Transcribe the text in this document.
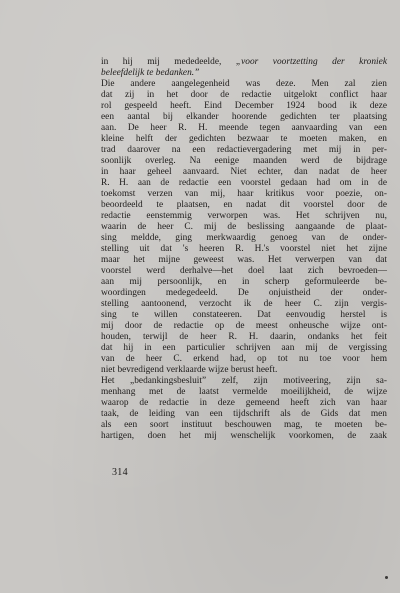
in hij mij mededeelde, „voor voortzetting der kroniek
beleefdelijk te bedanken.”
Die andere aangelegenheid was deze. Men zal zien
dat zij in het door de redactie uitgelokt conflict haar
rol gespeeld heeft. Eind December 1924 bood ik deze
een aantal bij elkander hoorende gedichten ter plaatsing
aan. De heer R. H. meende tegen aanvaarding van een
kleine helft der gedichten bezwaar te moeten maken, en
trad daarover na een redactievergadering met mij in per-
soonlijk overleg. Na eenige maanden werd de bijdrage
in haar geheel aanvaard. Niet echter, dan nadat de heer
R. H. aan de redactie een voorstel gedaan had om in de
toekomst verzen van mij, haar kritikus voor poezie, on-
beoordeeld te plaatsen, en nadat dit voorstel door de
redactie eenstemmig verworpen was. Het schrijven nu,
waarin de heer C. mij de beslissing aangaande de plaat-
sing meldde, ging merkwaardig genoeg van de onder-
stelling uit dat 's heeren R. H.'s voorstel niet het zijne
maar het mijne geweest was. Het verwerpen van dat
voorstel werd derhalve—het doel laat zich bevroeden—
aan mij persoonlijk, en in scherp geformuleerde be-
woordingen medegedeeld. De onjuistheid der onder-
stelling aantoonend, verzocht ik de heer C. zijn vergis-
sing te willen constateeren. Dat eenvoudig herstel is
mij door de redactie op de meest onheusche wijze ont-
houden, terwijl de heer R. H. daarin, ondanks het feit
dat hij in een particulier schrijven aan mij de vergissing
van de heer C. erkend had, op tot nu toe voor hem
niet bevredigend verklaarde wijze berust heeft.
Het „bedankingsbesluit” zelf, zijn motiveering, zijn sa-
menhang met de laatst vermelde moeilijkheid, de wijze
waarop de redactie in deze gemeend heeft zich van haar
taak, de leiding van een tijdschrift als de Gids dat men
als een soort instituut beschouwen mag, te moeten be-
hartigen, doen het mij wenschelijk voorkomen, de zaak
314
